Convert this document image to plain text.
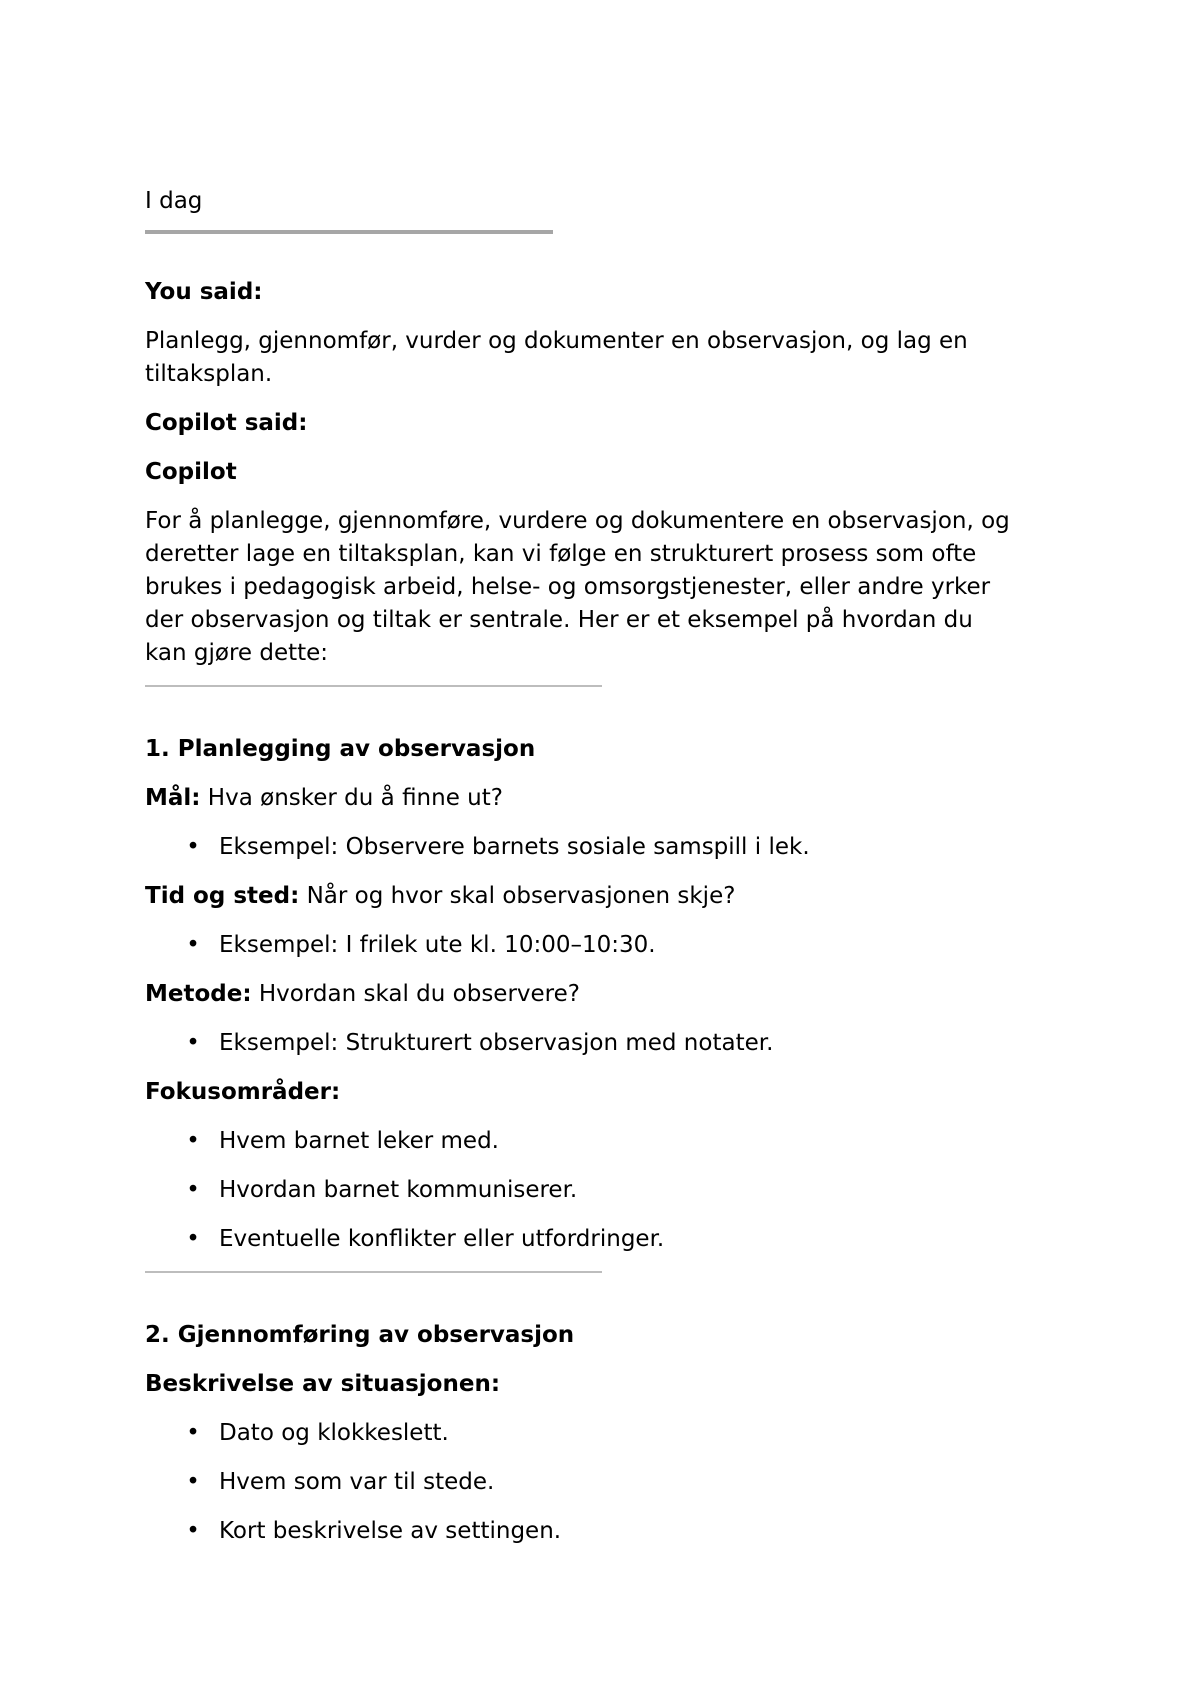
I dag

You said:

Planlegg, gjennomfør, vurder og dokumenter en observasjon, og lag en

tiltaksplan.

Copilot said:

Copilot

For å planlegge, gjennomføre, vurdere og dokumentere en observasjon, og

deretter lage en tiltaksplan, kan vi følge en strukturert prosess som ofte

brukes i pedagogisk arbeid, helse- og omsorgstjenester, eller andre yrker

der observasjon og tiltak er sentrale. Her er et eksempel på hvordan du

kan gjøre dette:

1. Planlegging av observasjon

Mål: Hva ønsker du å finne ut?

• Eksempel: Observere barnets sosiale samspill i lek.

Tid og sted: Når og hvor skal observasjonen skje?

• Eksempel: I frilek ute kl. 10:00–10:30.

Metode: Hvordan skal du observere?

• Eksempel: Strukturert observasjon med notater.

Fokusområder:

• Hvem barnet leker med.
• Hvordan barnet kommuniserer.
• Eventuelle konflikter eller utfordringer.

2. Gjennomføring av observasjon

Beskrivelse av situasjonen:

• Dato og klokkeslett.
• Hvem som var til stede.
• Kort beskrivelse av settingen.
